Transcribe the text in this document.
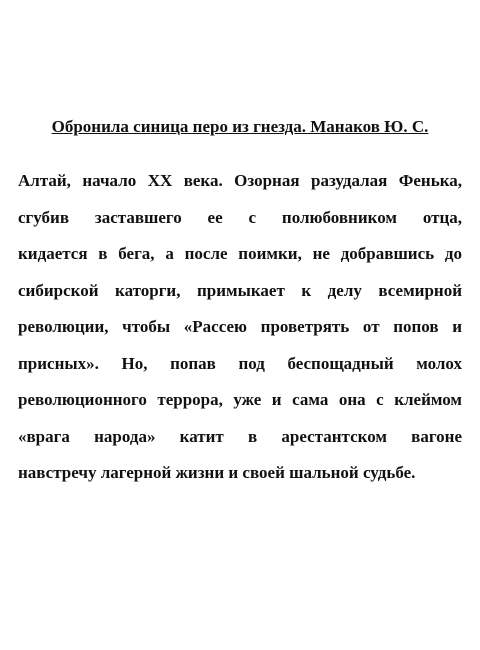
Обронила синица перо из гнезда. Манаков Ю. С.
Алтай, начало XX века. Озорная разудалая Фенька,
сгубив заставшего ее с полюбовником отца,
кидается в бега, а после поимки, не добравшись до
сибирской каторги, примыкает к делу всемирной
революции, чтобы «Рассею проветрять от попов и
присных». Но, попав под беспощадный молох
революционного террора, уже и сама она с клеймом
«врага народа» катит в арестантском вагоне
навстречу лагерной жизни и своей шальной судьбе.
